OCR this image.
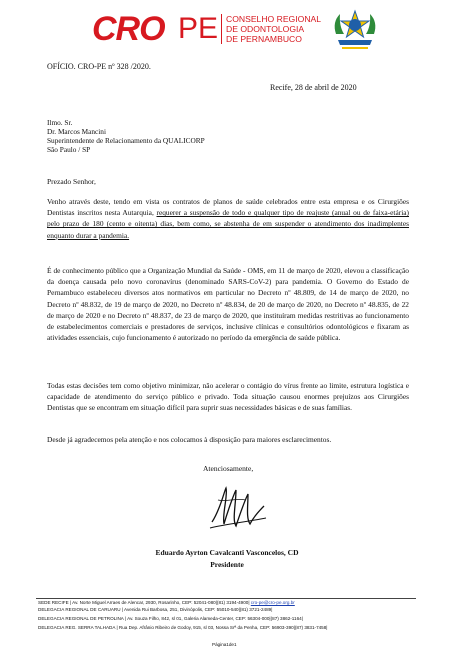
CRO PE CONSELHO REGIONAL
DE ODONTOLOGIA
DE PERNAMBUCO
OFÍCIO. CRO-PE nº 328 /2020.
Recife, 28 de abril de 2020
Ilmo. Sr.
Dr. Marcos Mancini
Superintendente de Relacionamento da QUALICORP
São Paulo / SP
Prezado Senhor,
Venho através deste, tendo em vista os contratos de planos de saúde celebrados entre esta empresa e os Cirurgiões Dentistas inscritos nesta Autarquia, requerer a suspensão de todo e qualquer tipo de reajuste (anual ou de faixa-etária) pelo prazo de 180 (cento e oitenta) dias, bem como, se abstenha de em suspender o atendimento dos inadimplentes enquanto durar a pandemia.
É de conhecimento público que a Organização Mundial da Saúde - OMS, em 11 de março de 2020, elevou a classificação da doença causada pelo novo coronavírus (denominado SARS-CoV-2) para pandemia. O Governo do Estado de Pernambuco estabeleceu diversos atos normativos em particular no Decreto nº 48.809, de 14 de março de 2020, no Decreto nº 48.832, de 19 de março de 2020, no Decreto nº 48.834, de 20 de março de 2020, no Decreto nº 48.835, de 22 de março de 2020 e no Decreto nº 48.837, de 23 de março de 2020, que instituíram medidas restritivas ao funcionamento de estabelecimentos comerciais e prestadores de serviços, inclusive clínicas e consultórios odontológicos e fixaram as atividades essenciais, cujo funcionamento é autorizado no período da emergência de saúde pública.
Todas estas decisões tem como objetivo minimizar, não acelerar o contágio do vírus frente ao limite, estrutura logística e capacidade de atendimento do serviço público e privado. Toda situação causou enormes prejuízos aos Cirurgiões Dentistas que se encontram em situação difícil para suprir suas necessidades básicas e de suas famílias.
Desde já agradecemos pela atenção e nos colocamos à disposição para maiores esclarecimentos.
Atenciosamente,
Eduardo Ayrton Cavalcanti Vasconcelos, CD
Presidente
SEDE RECIFE | Av. Norte Miguel Arraes de Alencar, 2930, Rosarinho, CEP: 52041-080|(81) 3194-4900| cro-pe@cro-pe.org.br
DELEGACIA REGIONAL DE CARUARU | Avenida Rui Barbosa, 251, Divinópolis, CEP: 55010-540|(81) 3721-2489|
DELEGACIA REGIONAL DE PETROLINA | Av. Souza Filho, 842, sl 01, Galeria Alameda-Center, CEP: 56304-000|(87) 3862-1164|
DELEGACIA REG. SERRA TALHADA | Rua Dep. Afrânio Ribeiro de Godoy, 915, sl 03, Nossa Srª da Penha, CEP: 56903-390|(87) 3831-7458|
Página1de1
